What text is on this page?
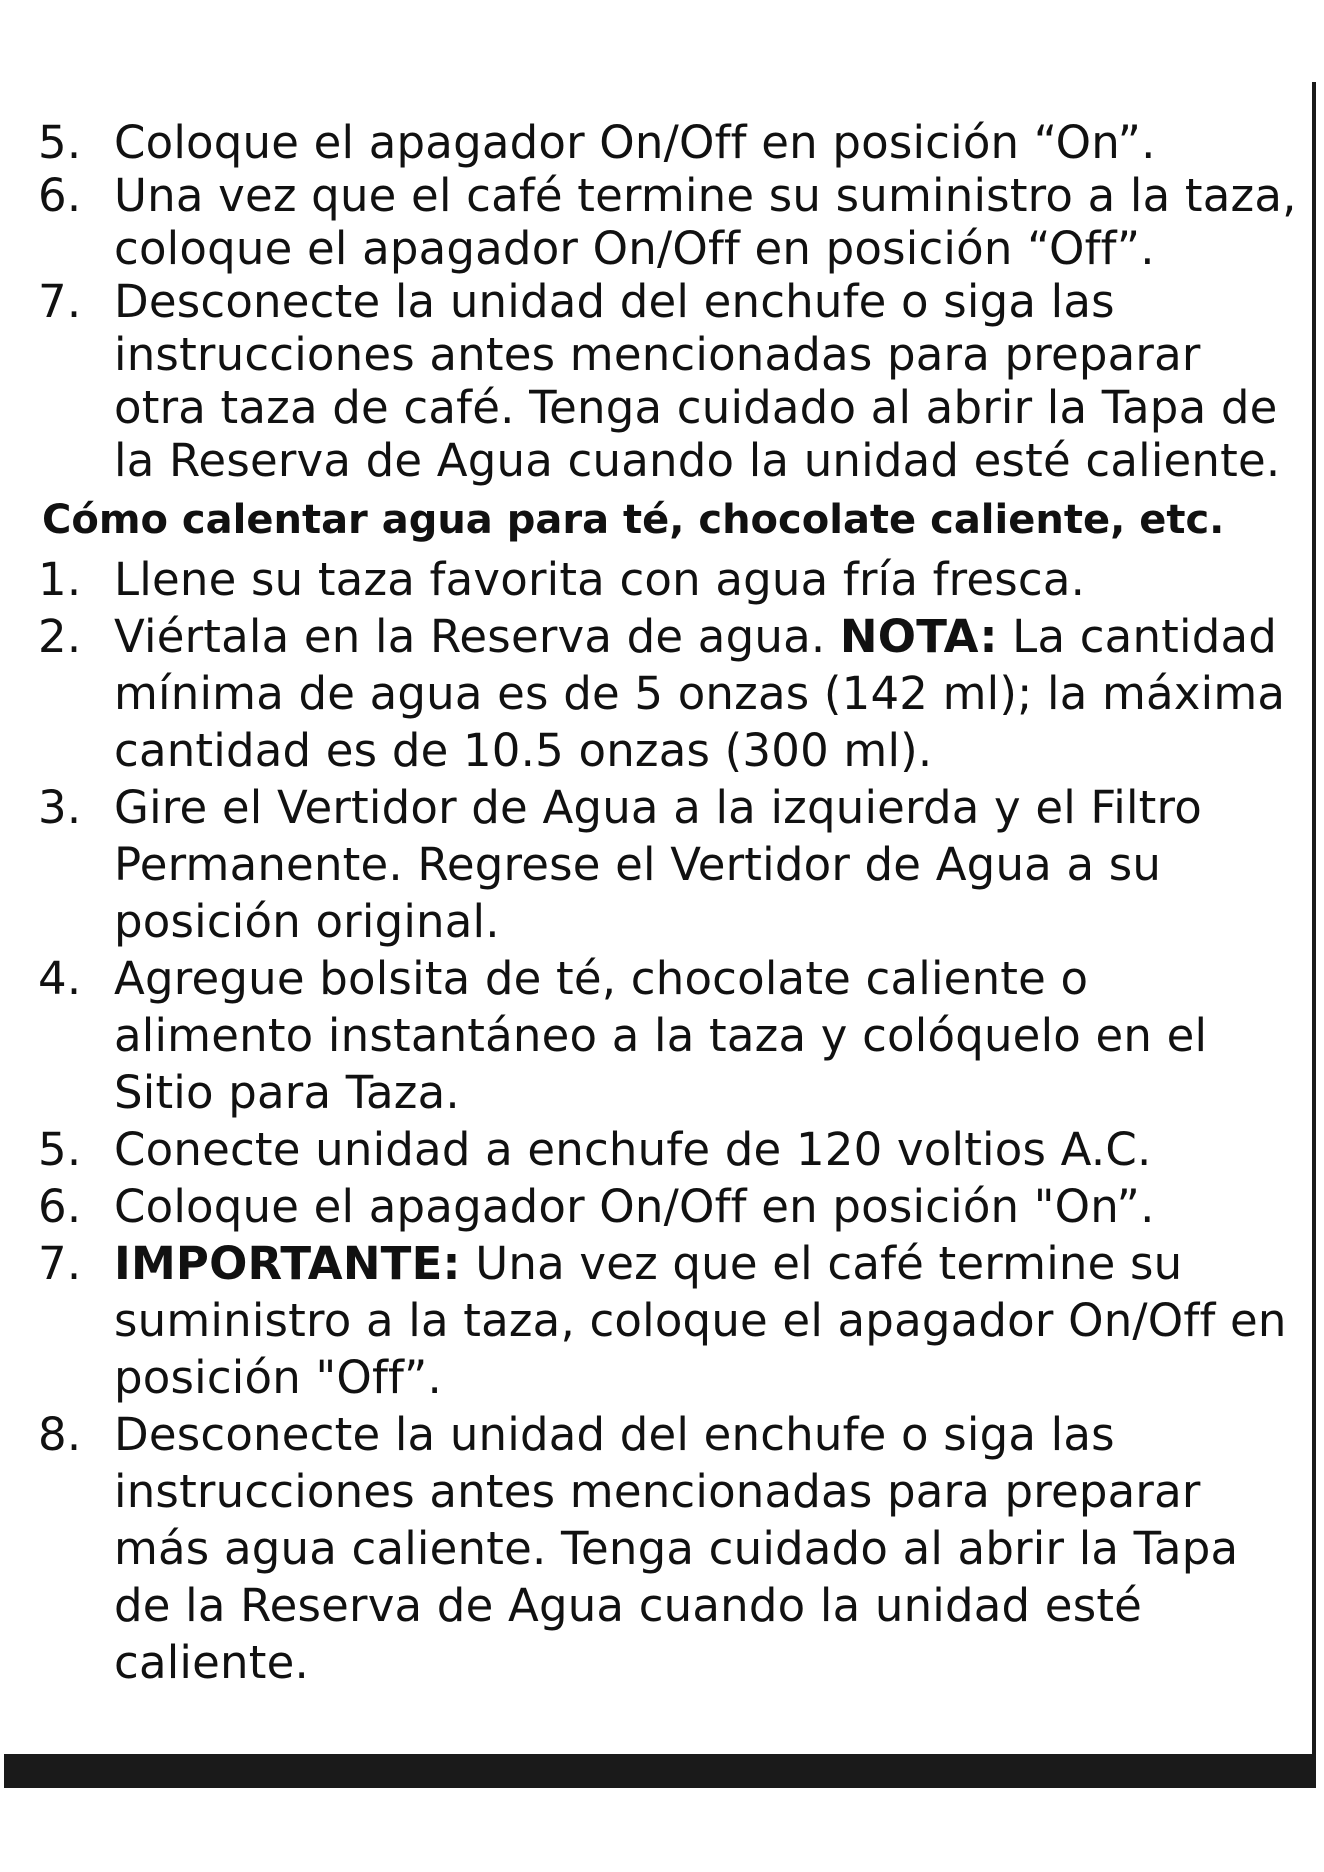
5. Coloque el apagador On/Off en posición “On”.
6. Una vez que el café termine su suministro a la taza, coloque el apagador On/Off en posición “Off”.
7. Desconecte la unidad del enchufe o siga las instrucciones antes mencionadas para preparar otra taza de café. Tenga cuidado al abrir la Tapa de la Reserva de Agua cuando la unidad esté caliente.
Cómo calentar agua para té, chocolate caliente, etc.
1. Llene su taza favorita con agua fría fresca.
2. Viértala en la Reserva de agua. NOTA: La cantidad mínima de agua es de 5 onzas (142 ml); la máxima cantidad es de 10.5 onzas (300 ml).
3. Gire el Vertidor de Agua a la izquierda y el Filtro Permanente. Regrese el Vertidor de Agua a su posición original.
4. Agregue bolsita de té, chocolate caliente o alimento instantáneo a la taza y colóquelo en el Sitio para Taza.
5. Conecte unidad a enchufe de 120 voltios A.C.
6. Coloque el apagador On/Off en posición "On”.
7. IMPORTANTE: Una vez que el café termine su suministro a la taza, coloque el apagador On/Off en posición "Off”.
8. Desconecte la unidad del enchufe o siga las instrucciones antes mencionadas para preparar más agua caliente. Tenga cuidado al abrir la Tapa de la Reserva de Agua cuando la unidad esté caliente.
